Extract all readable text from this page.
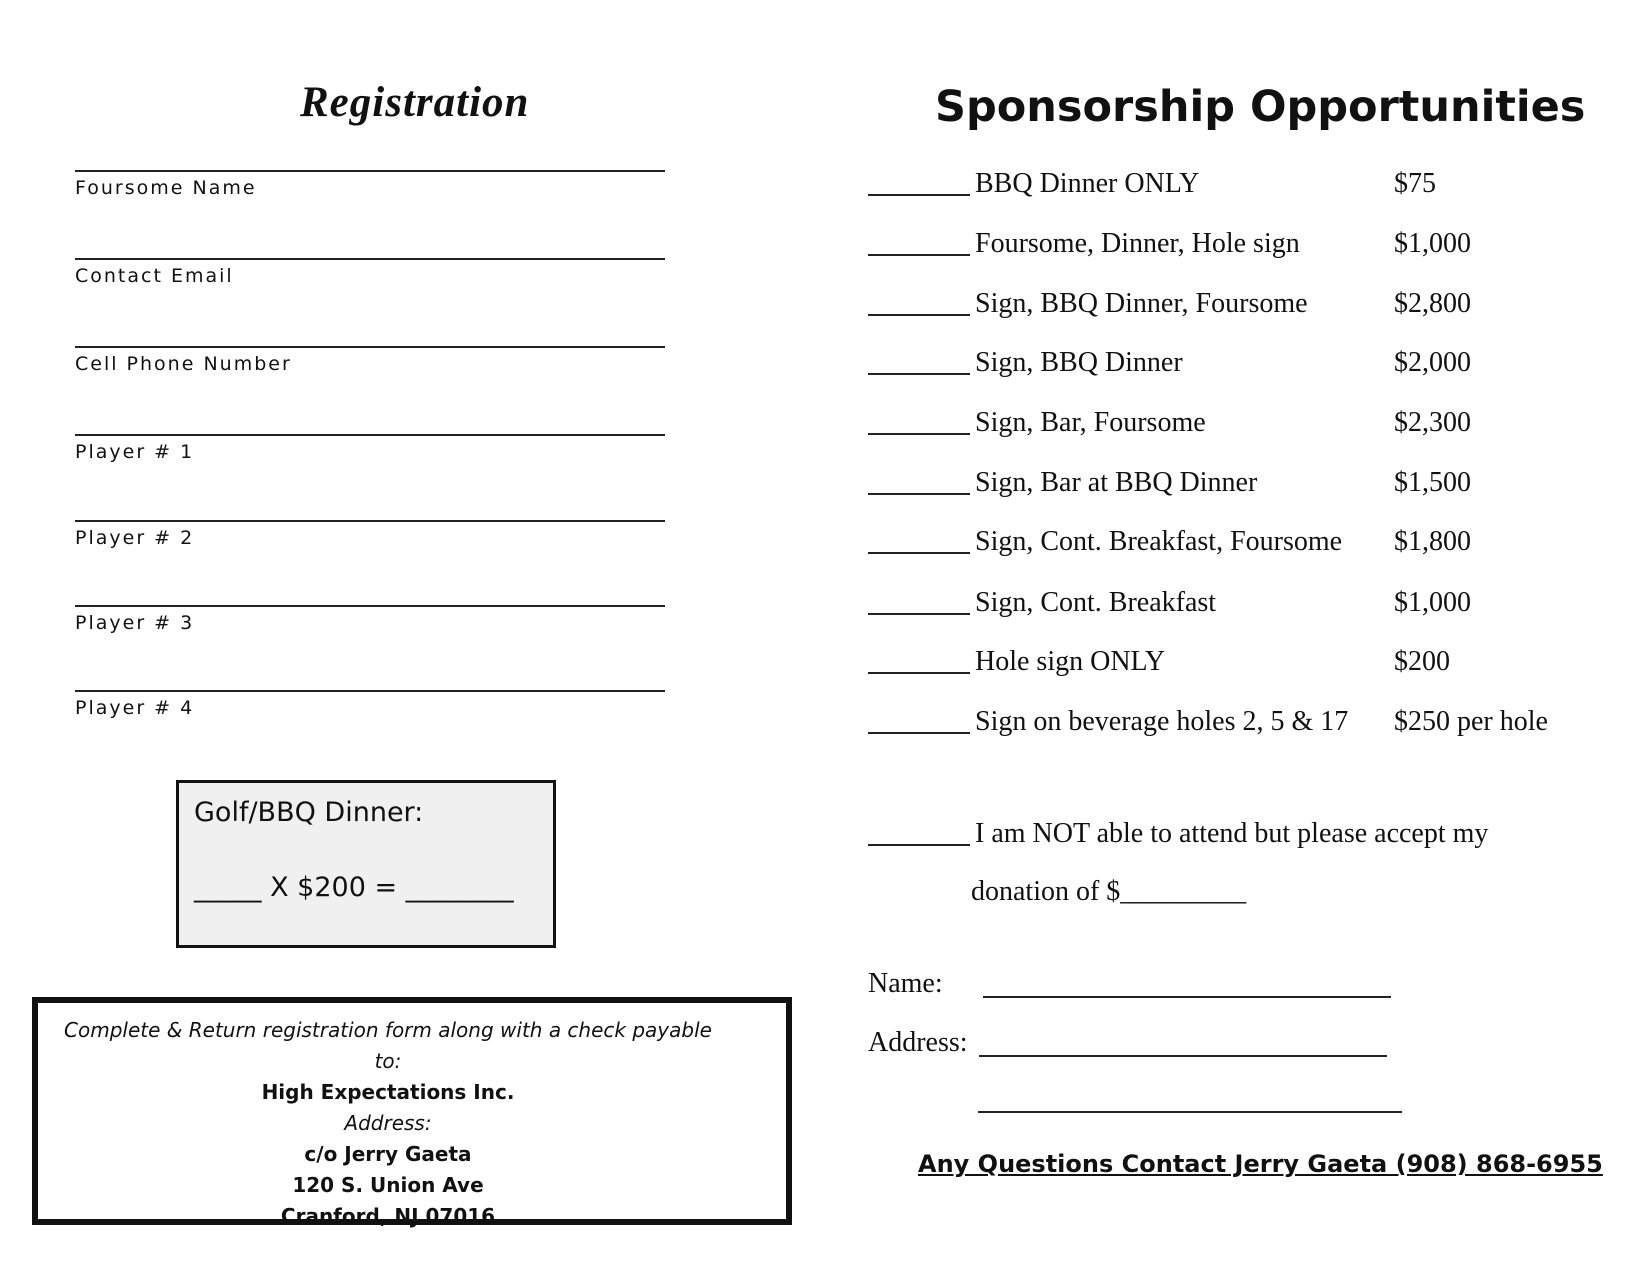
Registration
Foursome Name
Contact Email
Cell Phone Number
Player # 1
Player # 2
Player # 3
Player # 4
Golf/BBQ Dinner:
_____ X $200 = ________
Complete & Return registration form along with a check payable to:
High Expectations Inc.
Address:
c/o Jerry Gaeta
120 S. Union Ave
Cranford, NJ 07016
Sponsorship Opportunities
BBQ Dinner ONLY	$75
Foursome, Dinner, Hole sign	$1,000
Sign, BBQ Dinner, Foursome	$2,800
Sign, BBQ Dinner	$2,000
Sign, Bar, Foursome	$2,300
Sign, Bar at BBQ Dinner	$1,500
Sign, Cont. Breakfast, Foursome $1,800
Sign, Cont. Breakfast	$1,000
Hole sign ONLY	$200
Sign on beverage holes 2, 5 & 17 $250 per hole
I am NOT able to attend but please accept my
donation of $_________
Name:
Address:
Any Questions Contact Jerry Gaeta (908) 868-6955
